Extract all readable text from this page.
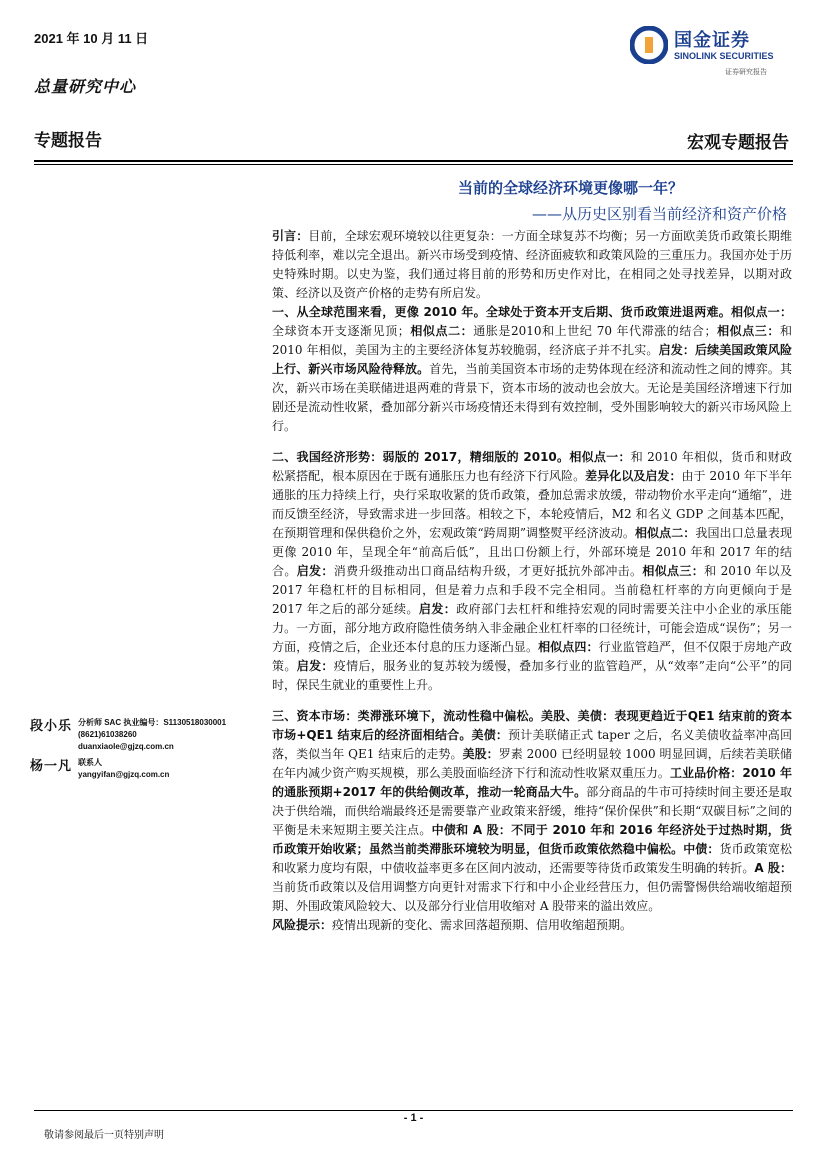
2021 年 10 月 11 日
总量研究中心
国金证券
SINOLINK SECURITIES
证券研究报告
专题报告	宏观专题报告
当前的全球经济环境更像哪一年？
——从历史区别看当前经济和资产价格

引言：目前，全球宏观环境较以往更复杂：一方面全球复苏不均衡；另一方面欧美货币政策长期维持低利率，难以完全退出。新兴市场受到疫情、经济面疲软和政策风险的三重压力。我国亦处于历史特殊时期。以史为鉴，我们通过将目前的形势和历史作对比，在相同之处寻找差异，以期对政策、经济以及资产价格的走势有所启发。

一、从全球范围来看，更像 2010 年。全球处于资本开支后期、货币政策进退两难。相似点一：全球资本开支逐渐见顶；相似点二：通胀是2010和上世纪 70 年代滞涨的结合；相似点三：和 2010 年相似，美国为主的主要经济体复苏较脆弱，经济底子并不扎实。启发：后续美国政策风险上行、新兴市场风险待释放。首先，当前美国资本市场的走势体现在经济和流动性之间的博弈。其次，新兴市场在美联储进退两难的背景下，资本市场的波动也会放大。无论是美国经济增速下行加剧还是流动性收紧，叠加部分新兴市场疫情还未得到有效控制，受外围影响较大的新兴市场风险上行。

二、我国经济形势：弱版的 2017，精细版的 2010。相似点一：和 2010 年相似，货币和财政松紧搭配，根本原因在于既有通胀压力也有经济下行风险。差异化以及启发：由于 2010 年下半年通胀的压力持续上行，央行采取收紧的货币政策，叠加总需求放缓，带动物价水平走向“通缩”，进而反馈至经济，导致需求进一步回落。相较之下，本轮疫情后，M2 和名义 GDP 之间基本匹配，在预期管理和保供稳价之外，宏观政策“跨周期”调整熨平经济波动。相似点二：我国出口总量表现更像 2010 年，呈现全年“前高后低”，且出口份额上行，外部环境是 2010 年和 2017 年的结合。启发：消费升级推动出口商品结构升级，才更好抵抗外部冲击。相似点三：和 2010 年以及 2017 年稳杠杆的目标相同，但是着力点和手段不完全相同。当前稳杠杆率的方向更倾向于是 2017 年之后的部分延续。启发：政府部门去杠杆和维持宏观的同时需要关注中小企业的承压能力。一方面，部分地方政府隐性债务纳入非金融企业杠杆率的口径统计，可能会造成“误伤”；另一方面，疫情之后，企业还本付息的压力逐渐凸显。相似点四：行业监管趋严，但不仅限于房地产政策。启发：疫情后，服务业的复苏较为缓慢，叠加多行业的监管趋严，从“效率”走向“公平”的同时，保民生就业的重要性上升。

三、资本市场：类滞涨环境下，流动性稳中偏松。美股、美债：表现更趋近于QE1 结束前的资本市场+QE1 结束后的经济面相结合。美债：预计美联储正式 taper 之后，名义美债收益率冲高回落，类似当年 QE1 结束后的走势。美股：罗素 2000 已经明显较 1000 明显回调，后续若美联储在年内减少资产购买规模，那么美股面临经济下行和流动性收紧双重压力。工业品价格：2010 年的通胀预期+2017 年的供给侧改革，推动一轮商品大牛。部分商品的牛市可持续时间主要还是取决于供给端，而供给端最终还是需要靠产业政策来舒缓，维持“保价保供”和长期“双碳目标”之间的平衡是未来短期主要关注点。中债和 A 股：不同于 2010 年和 2016 年经济处于过热时期，货币政策开始收紧；虽然当前类滞胀环境较为明显，但货币政策依然稳中偏松。中债：货币政策宽松和收紧力度均有限，中债收益率更多在区间内波动，还需要等待货币政策发生明确的转折。A 股：当前货币政策以及信用调整方向更针对需求下行和中小企业经营压力，但仍需警惕供给端收缩超预期、外围政策风险较大、以及部分行业信用收缩对 A 股带来的溢出效应。

风险提示：疫情出现新的变化、需求回落超预期、信用收缩超预期。

段小乐 分析师 SAC 执业编号：S1130518030001
(8621)61038260
duanxiaole@gjzq.com.cn
杨一凡 联系人
yangyifan@gjzq.com.cn
- 1 -
敬请参阅最后一页特别声明
